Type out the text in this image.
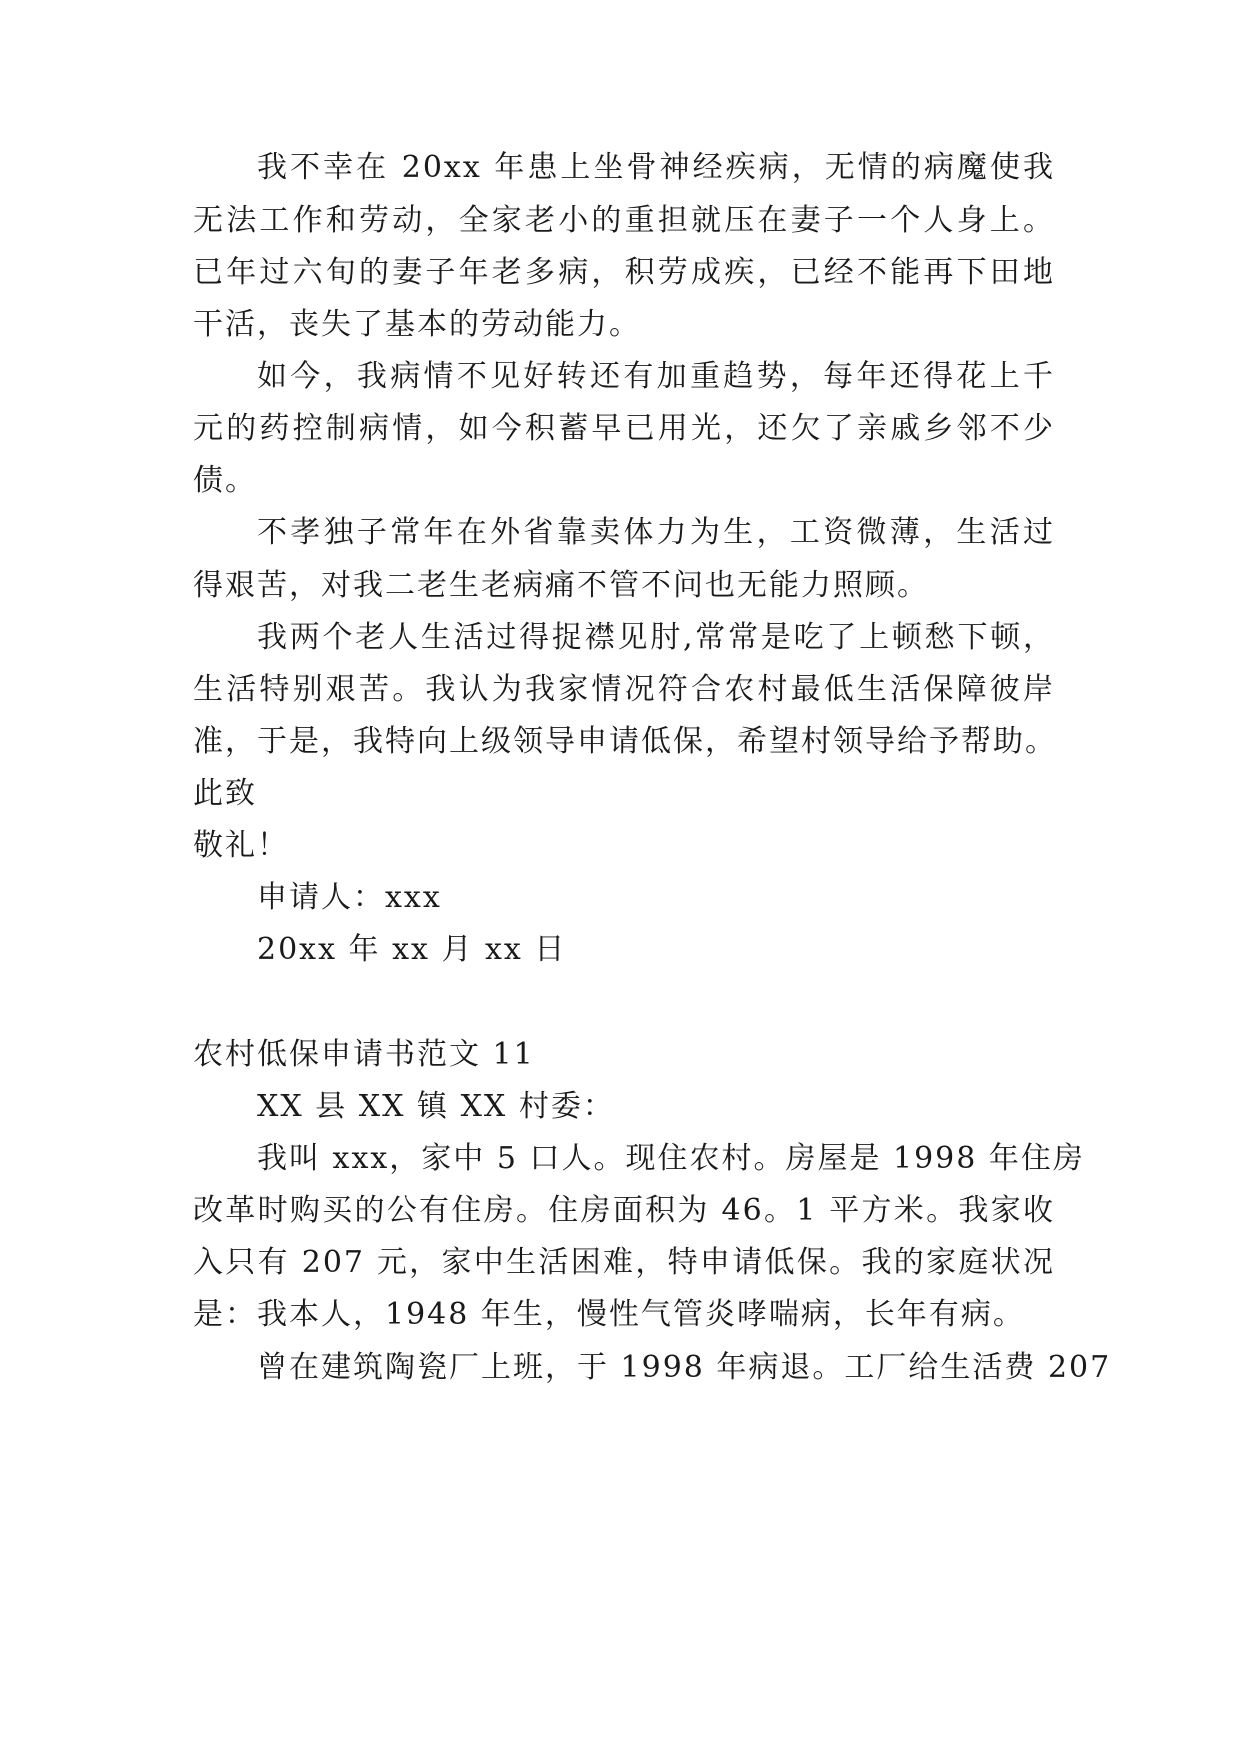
我不幸在 20xx 年患上坐骨神经疾病，无情的病魔使我
无法工作和劳动，全家老小的重担就压在妻子一个人身上。
已年过六旬的妻子年老多病，积劳成疾，已经不能再下田地
干活，丧失了基本的劳动能力。
如今，我病情不见好转还有加重趋势，每年还得花上千
元的药控制病情，如今积蓄早已用光，还欠了亲戚乡邻不少
债。
不孝独子常年在外省靠卖体力为生，工资微薄，生活过
得艰苦，对我二老生老病痛不管不问也无能力照顾。
我两个老人生活过得捉襟见肘,常常是吃了上顿愁下顿，
生活特别艰苦。我认为我家情况符合农村最低生活保障彼岸
准，于是，我特向上级领导申请低保，希望村领导给予帮助。
此致
敬礼！
申请人：xxx
20xx 年 xx 月 xx 日
农村低保申请书范文 11
XX 县 XX 镇 XX 村委：
我叫 xxx，家中 5 口人。现住农村。房屋是 1998 年住房
改革时购买的公有住房。住房面积为 46。1 平方米。我家收
入只有 207 元，家中生活困难，特申请低保。我的家庭状况
是：我本人，1948 年生，慢性气管炎哮喘病，长年有病。
曾在建筑陶瓷厂上班，于 1998 年病退。工厂给生活费 207
